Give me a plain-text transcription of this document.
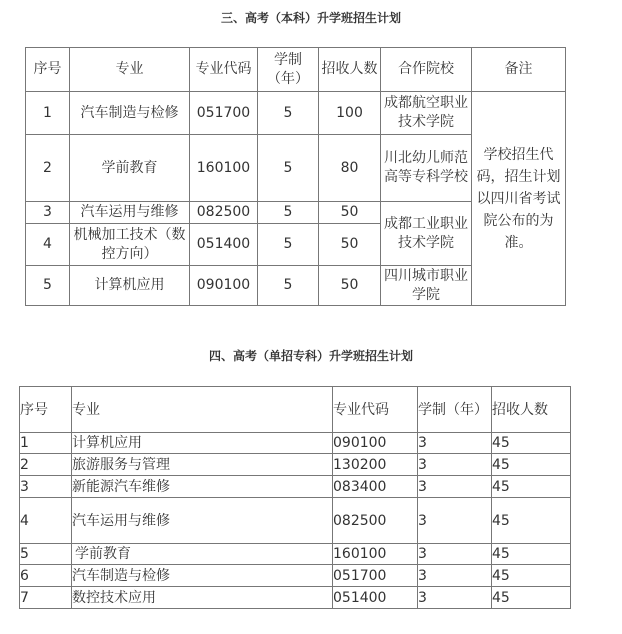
三、高考（本科）升学班招生计划
序号	专业	专业代码	学制（年）	招收人数	合作院校	备注
1	汽车制造与检修	051700	5	100	成都航空职业技术学院	学校招生代码，招生计划以四川省考试院公布的为准。
2	学前教育	160100	5	80	川北幼儿师范高等专科学校	
3	汽车运用与维修	082500	5	50	成都工业职业技术学院	
4	机械加工技术（数控方向）	051400	5	50		
5	计算机应用	090100	5	50	四川城市职业学院	
四、高考（单招专科）升学班招生计划
序号	专业	专业代码	学制（年）	招收人数
1	计算机应用	090100	3	45
2	旅游服务与管理	130200	3	45
3	新能源汽车维修	083400	3	45
4	汽车运用与维修	082500	3	45
5	学前教育	160100	3	45
6	汽车制造与检修	051700	3	45
7	数控技术应用	051400	3	45
